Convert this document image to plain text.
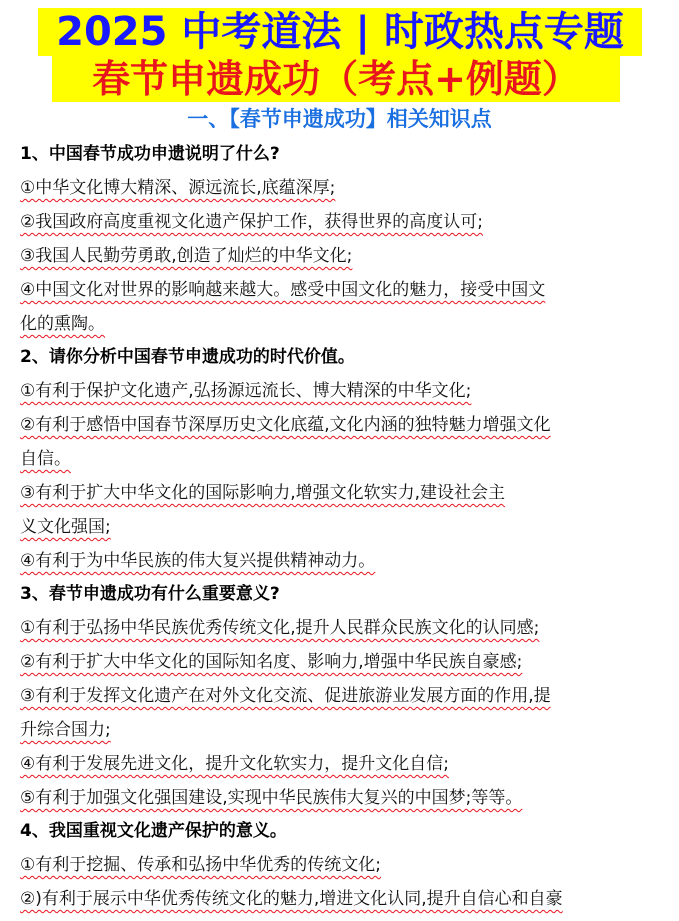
2025 中考道法 | 时政热点专题
春节申遗成功（考点+例题）
一、【春节申遗成功】相关知识点
1、中国春节成功申遗说明了什么?
①中华文化博大精深、源远流长,底蕴深厚;
②我国政府高度重视文化遗产保护工作，获得世界的高度认可;
③我国人民勤劳勇敢,创造了灿烂的中华文化;
④中国文化对世界的影响越来越大。感受中国文化的魅力，接受中国文
化的熏陶。
2、请你分析中国春节申遗成功的时代价值。
①有利于保护文化遗产,弘扬源远流长、博大精深的中华文化;
②有利于感悟中国春节深厚历史文化底蕴,文化内涵的独特魅力增强文化
自信。
③有利于扩大中华文化的国际影响力,增强文化软实力,建设社会主
义文化强国;
④有利于为中华民族的伟大复兴提供精神动力。
3、春节申遗成功有什么重要意义?
①有利于弘扬中华民族优秀传统文化,提升人民群众民族文化的认同感;
②有利于扩大中华文化的国际知名度、影响力,增强中华民族自豪感;
③有利于发挥文化遗产在对外文化交流、促进旅游业发展方面的作用,提
升综合国力;
④有利于发展先进文化，提升文化软实力，提升文化自信;
⑤有利于加强文化强国建设,实现中华民族伟大复兴的中国梦;等等。
4、我国重视文化遗产保护的意义。
①有利于挖掘、传承和弘扬中华优秀的传统文化;
②)有利于展示中华优秀传统文化的魅力,增进文化认同,提升自信心和自豪
